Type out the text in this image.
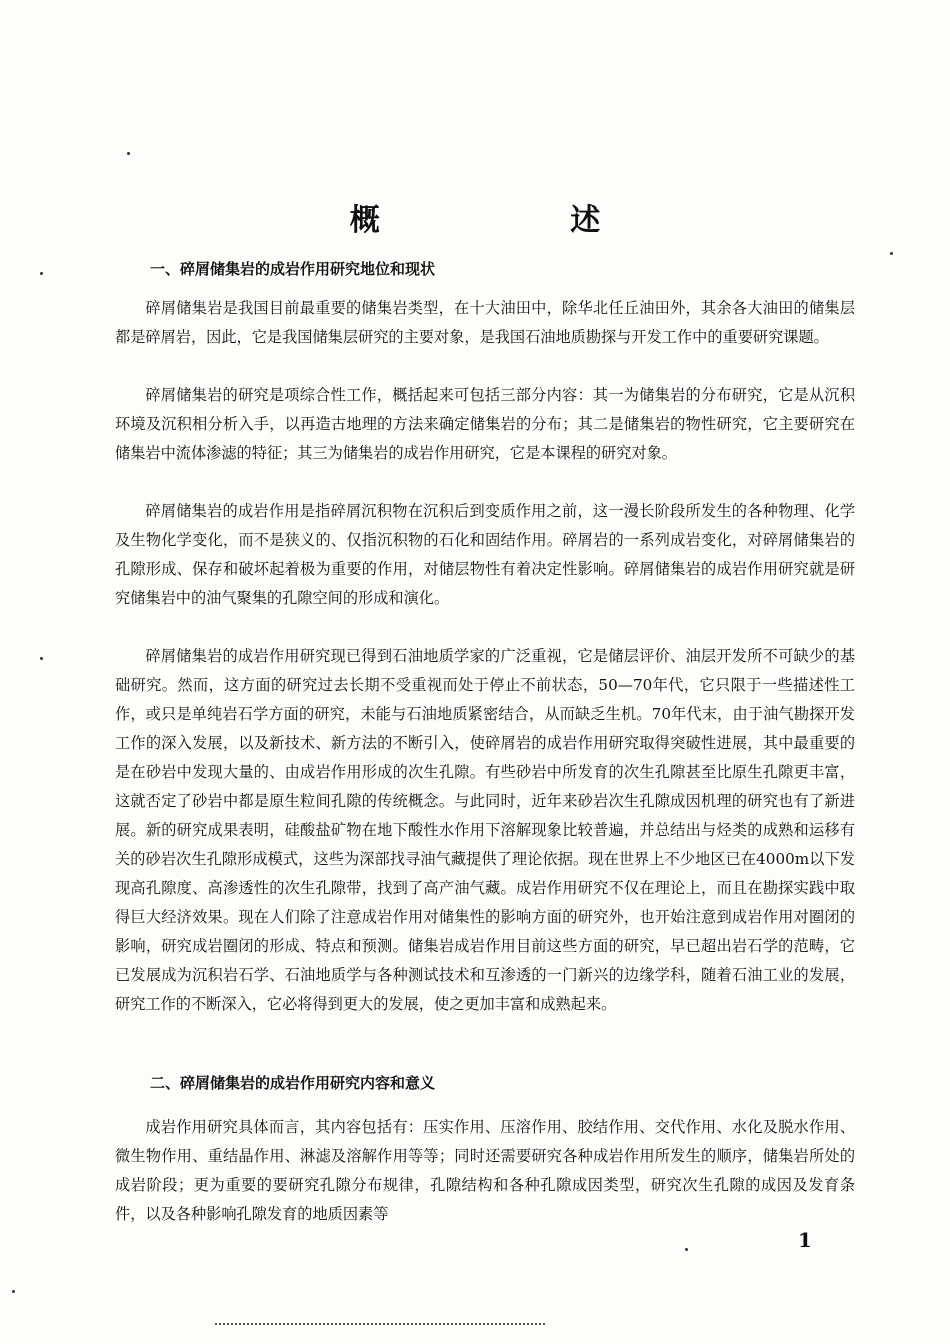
概 述
一、碎屑储集岩的成岩作用研究地位和现状

碎屑储集岩是我国目前最重要的储集岩类型，在十大油田中，除华北任丘油田外，其余各大油田的储集层都是碎屑岩，因此，它是我国储集层研究的主要对象，是我国石油地质勘探与开发工作中的重要研究课题。

碎屑储集岩的研究是项综合性工作，概括起来可包括三部分内容：其一为储集岩的分布研究，它是从沉积环境及沉积相分析入手，以再造古地理的方法来确定储集岩的分布；其二是储集岩的物性研究，它主要研究在储集岩中流体渗滤的特征；其三为储集岩的成岩作用研究，它是本课程的研究对象。

碎屑储集岩的成岩作用是指碎屑沉积物在沉积后到变质作用之前，这一漫长阶段所发生的各种物理、化学及生物化学变化，而不是狭义的、仅指沉积物的石化和固结作用。碎屑岩的一系列成岩变化，对碎屑储集岩的孔隙形成、保存和破坏起着极为重要的作用，对储层物性有着决定性影响。碎屑储集岩的成岩作用研究就是研究储集岩中的油气聚集的孔隙空间的形成和演化。

碎屑储集岩的成岩作用研究现已得到石油地质学家的广泛重视，它是储层评价、油层开发所不可缺少的基础研究。然而，这方面的研究过去长期不受重视而处于停止不前状态，50—70年代，它只限于一些描述性工作，或只是单纯岩石学方面的研究，未能与石油地质紧密结合，从而缺乏生机。70年代末，由于油气勘探开发工作的深入发展，以及新技术、新方法的不断引入，使碎屑岩的成岩作用研究取得突破性进展，其中最重要的是在砂岩中发现大量的、由成岩作用形成的次生孔隙。有些砂岩中所发育的次生孔隙甚至比原生孔隙更丰富，这就否定了砂岩中都是原生粒间孔隙的传统概念。与此同时，近年来砂岩次生孔隙成因机理的研究也有了新进展。新的研究成果表明，硅酸盐矿物在地下酸性水作用下溶解现象比较普遍，并总结出与烃类的成熟和运移有关的砂岩次生孔隙形成模式，这些为深部找寻油气藏提供了理论依据。现在世界上不少地区已在4000m以下发现高孔隙度、高渗透性的次生孔隙带，找到了高产油气藏。成岩作用研究不仅在理论上，而且在勘探实践中取得巨大经济效果。现在人们除了注意成岩作用对储集性的影响方面的研究外，也开始注意到成岩作用对圈闭的影响，研究成岩圈闭的形成、特点和预测。储集岩成岩作用目前这些方面的研究，早已超出岩石学的范畴，它已发展成为沉积岩石学、石油地质学与各种测试技术和互渗透的一门新兴的边缘学科，随着石油工业的发展，研究工作的不断深入，它必将得到更大的发展，使之更加丰富和成熟起来。

二、碎屑储集岩的成岩作用研究内容和意义

成岩作用研究具体而言，其内容包括有：压实作用、压溶作用、胶结作用、交代作用、水化及脱水作用、微生物作用、重结晶作用、淋滤及溶解作用等等；同时还需要研究各种成岩作用所发生的顺序，储集岩所处的成岩阶段；更为重要的要研究孔隙分布规律，孔隙结构和各种孔隙成因类型，研究次生孔隙的成因及发育条件，以及各种影响孔隙发育的地质因素等

1
